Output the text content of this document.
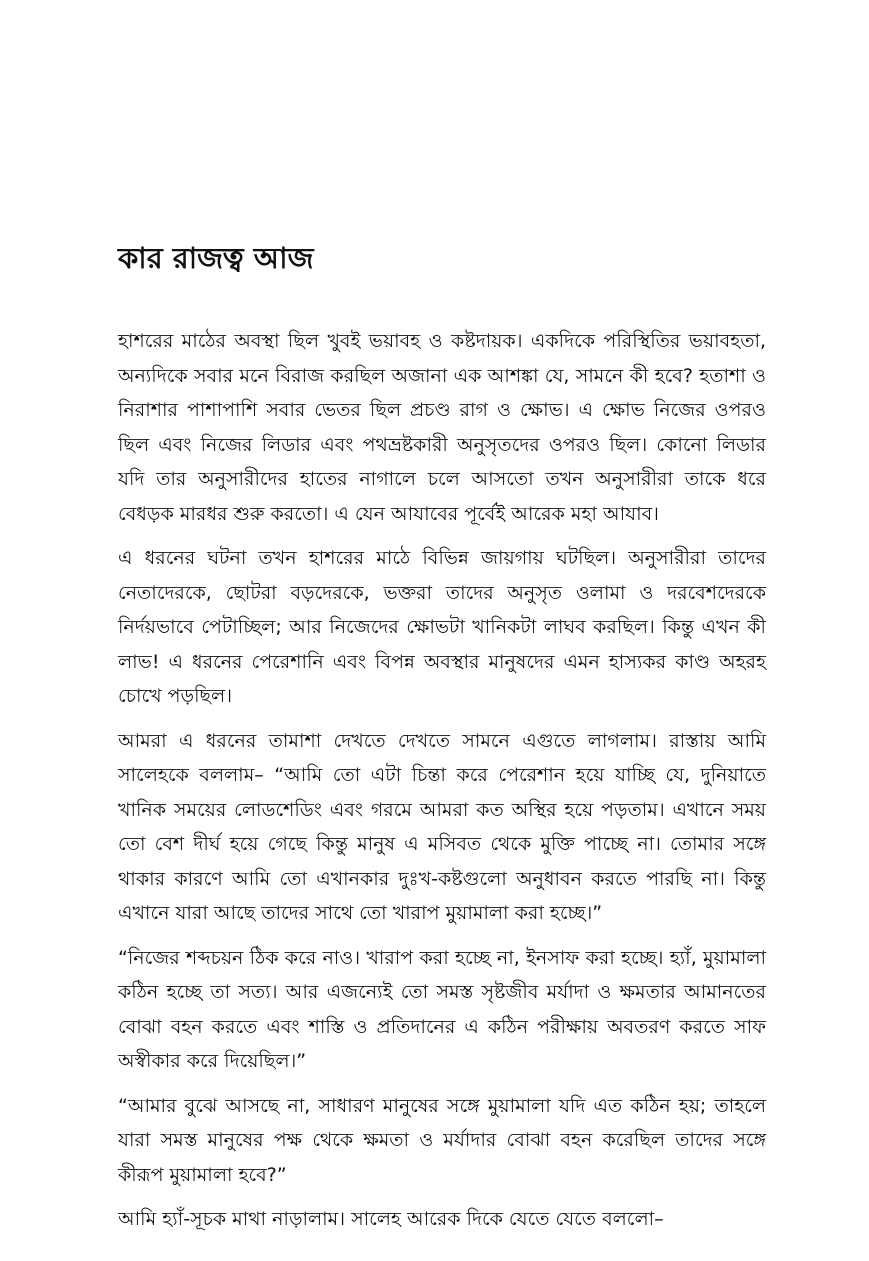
কার রাজত্ব আজ

হাশরের মাঠের অবস্থা ছিল খুবই ভয়াবহ ও কষ্টদায়ক। একদিকে পরিস্থিতির ভয়াবহতা, অন্যদিকে সবার মনে বিরাজ করছিল অজানা এক আশঙ্কা যে, সামনে কী হবে? হতাশা ও নিরাশার পাশাপাশি সবার ভেতর ছিল প্রচণ্ড রাগ ও ক্ষোভ। এ ক্ষোভ নিজের ওপরও ছিল এবং নিজের লিডার এবং পথভ্রষ্টকারী অনুসৃতদের ওপরও ছিল। কোনো লিডার যদি তার অনুসারীদের হাতের নাগালে চলে আসতো তখন অনুসারীরা তাকে ধরে বেধড়ক মারধর শুরু করতো। এ যেন আযাবের পূর্বেই আরেক মহা আযাব।

এ ধরনের ঘটনা তখন হাশরের মাঠে বিভিন্ন জায়গায় ঘটছিল। অনুসারীরা তাদের নেতাদেরকে, ছোটরা বড়দেরকে, ভক্তরা তাদের অনুসৃত ওলামা ও দরবেশদেরকে নির্দয়ভাবে পেটাচ্ছিল; আর নিজেদের ক্ষোভটা খানিকটা লাঘব করছিল। কিন্তু এখন কী লাভ! এ ধরনের পেরেশানি এবং বিপন্ন অবস্থার মানুষদের এমন হাস্যকর কাণ্ড অহরহ চোখে পড়ছিল।

আমরা এ ধরনের তামাশা দেখতে দেখতে সামনে এগুতে লাগলাম। রাস্তায় আমি সালেহকে বললাম– “আমি তো এটা চিন্তা করে পেরেশান হয়ে যাচ্ছি যে, দুনিয়াতে খানিক সময়ের লোডশেডিং এবং গরমে আমরা কত অস্থির হয়ে পড়তাম। এখানে সময় তো বেশ দীর্ঘ হয়ে গেছে কিন্তু মানুষ এ মসিবত থেকে মুক্তি পাচ্ছে না। তোমার সঙ্গে থাকার কারণে আমি তো এখানকার দুঃখ-কষ্টগুলো অনুধাবন করতে পারছি না। কিন্তু এখানে যারা আছে তাদের সাথে তো খারাপ মুয়ামালা করা হচ্ছে।”

“নিজের শব্দচয়ন ঠিক করে নাও। খারাপ করা হচ্ছে না, ইনসাফ করা হচ্ছে। হ্যাঁ, মুয়ামালা কঠিন হচ্ছে তা সত্য। আর এজন্যেই তো সমস্ত সৃষ্টজীব মর্যাদা ও ক্ষমতার আমানতের বোঝা বহন করতে এবং শাস্তি ও প্রতিদানের এ কঠিন পরীক্ষায় অবতরণ করতে সাফ অস্বীকার করে দিয়েছিল।”

“আমার বুঝে আসছে না, সাধারণ মানুষের সঙ্গে মুয়ামালা যদি এত কঠিন হয়; তাহলে যারা সমস্ত মানুষের পক্ষ থেকে ক্ষমতা ও মর্যাদার বোঝা বহন করেছিল তাদের সঙ্গে কীরূপ মুয়ামালা হবে?”

আমি হ্যাঁ-সূচক মাথা নাড়ালাম। সালেহ আরেক দিকে যেতে যেতে বললো–
